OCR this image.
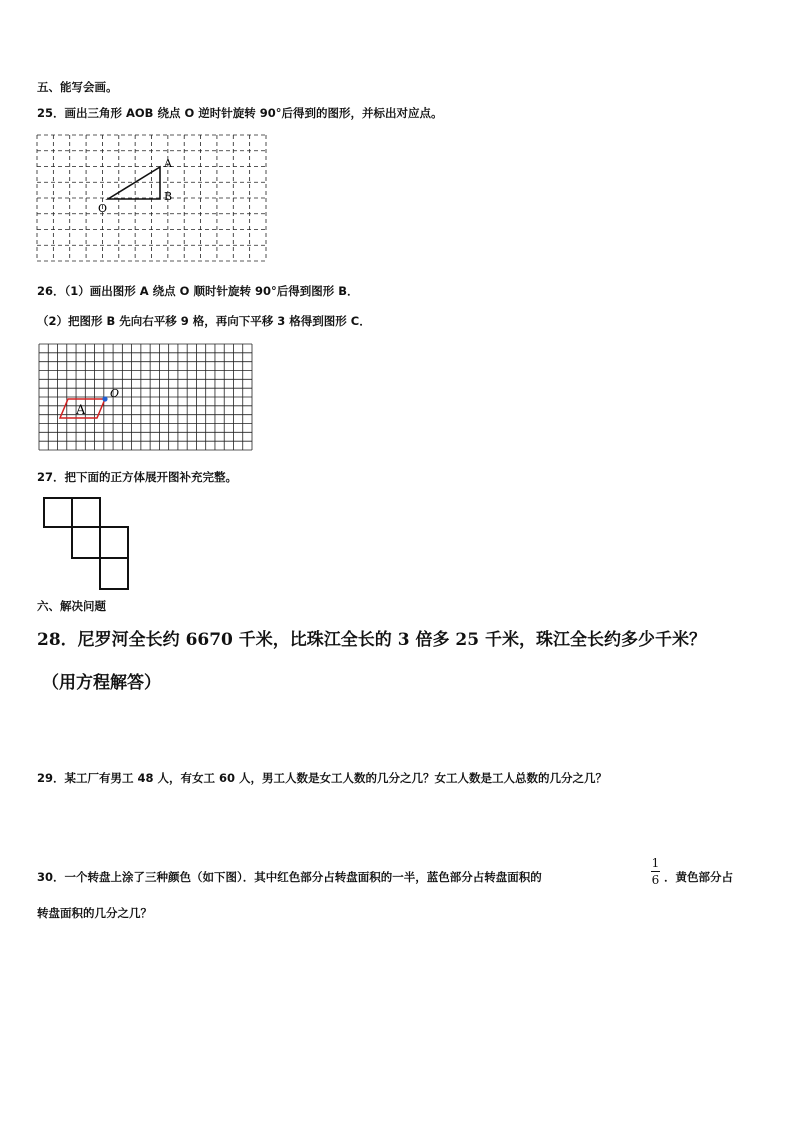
五、能写会画。
25．画出三角形 AOB 绕点 O 逆时针旋转 90°后得到的图形，并标出对应点。
A
B
O
26．（1）画出图形 A 绕点 O 顺时针旋转 90°后得到图形 B．
（2）把图形 B 先向右平移 9 格，再向下平移 3 格得到图形 C．
A
O
27．把下面的正方体展开图补充完整。
六、解决问题
28．尼罗河全长约 6670 千米，比珠江全长的 3 倍多 25 千米，珠江全长约多少千米？
（用方程解答）
29．某工厂有男工 48 人，有女工 60 人，男工人数是女工人数的几分之几？女工人数是工人总数的几分之几？
30．一个转盘上涂了三种颜色（如下图）．其中红色部分占转盘面积的一半，蓝色部分占转盘面积的
1
6 ．黄色部分占
转盘面积的几分之几？
